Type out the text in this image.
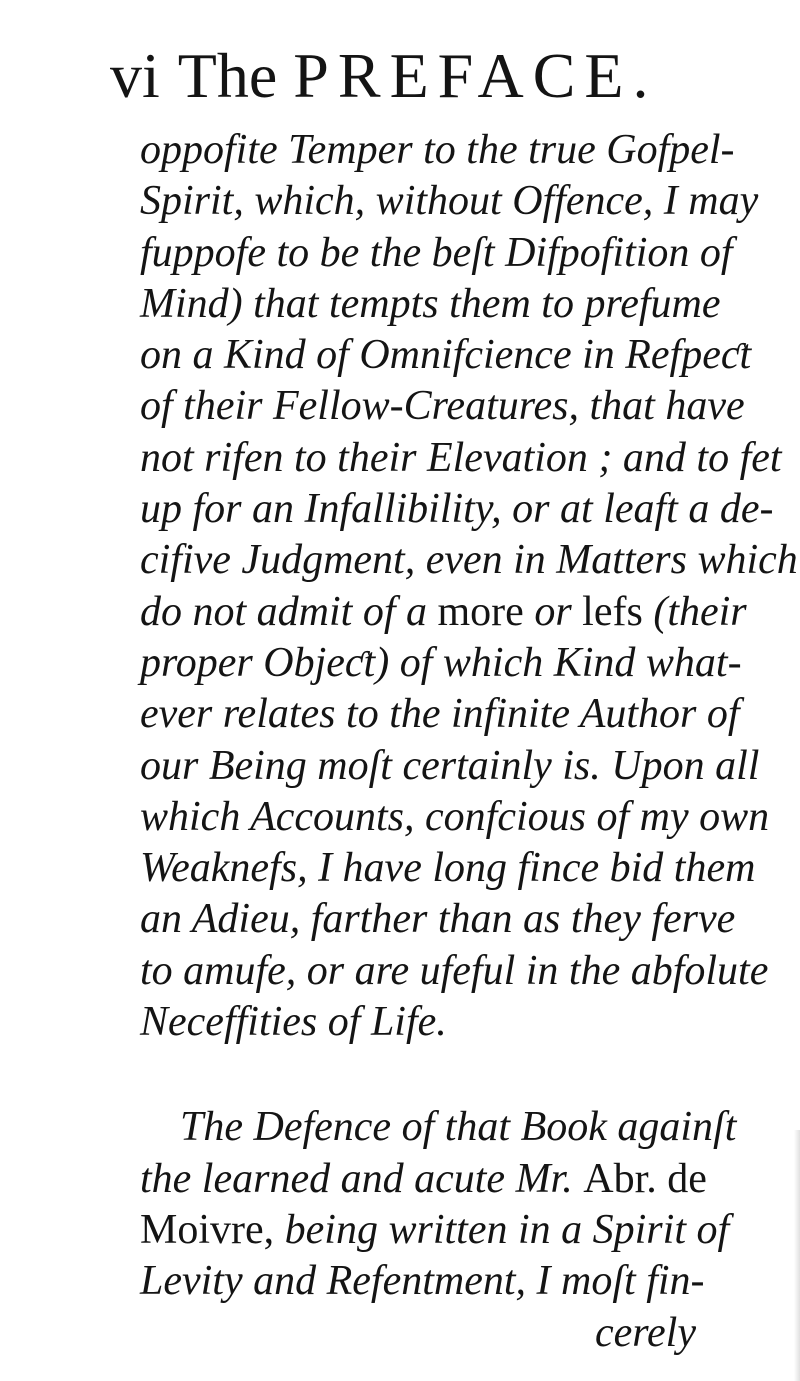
vi The PREFACE.
oppofite Temper to the true Gofpel-
Spirit, which, without Offence, I may
fuppofe to be the beſt Difpofition of
Mind) that tempts them to prefume
on a Kind of Omnifcience in Refpeƈt
of their Fellow-Creatures, that have
not rifen to their Elevation ; and to fet
up for an Infallibility, or at leaft a de-
cifive Judgment, even in Matters which
do not admit of a more or lefs (their
proper Objeƈt) of which Kind what-
ever relates to the infinite Author of
our Being moſt certainly is. Upon all
which Accounts, confcious of my own
Weaknefs, I have long fince bid them
an Adieu, farther than as they ferve
to amufe, or are ufeful in the abfolute
Neceffities of Life.
The Defence of that Book againſt
the learned and acute Mr. Abr. de
Moivre, being written in a Spirit of
Levity and Refentment, I moſt fin-
cerely
